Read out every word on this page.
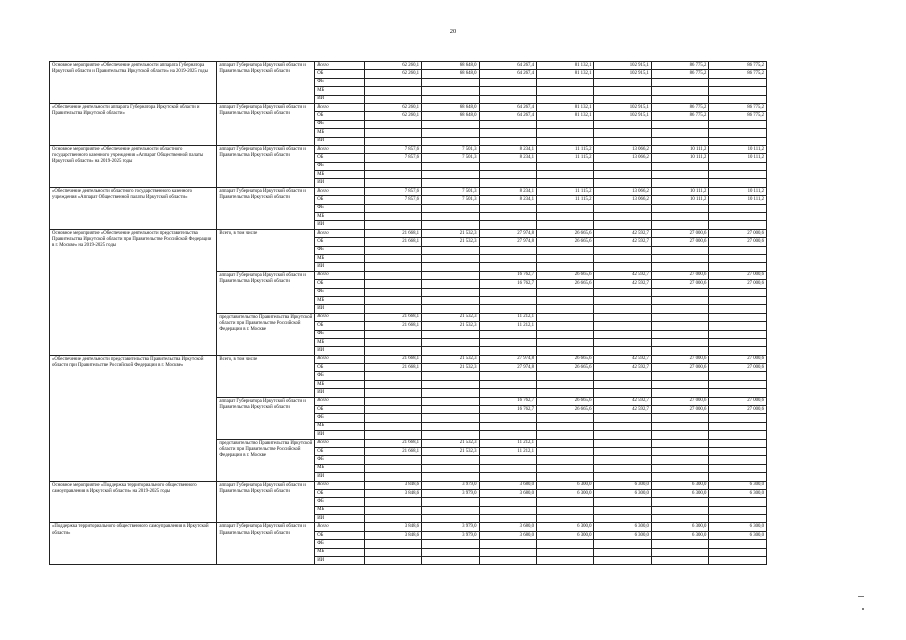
20
Основное мероприятие «Обеспечение деятельности аппарата Губернатора Иркутской области и Правительства Иркутской области» на 2019-2025 годы	аппарат Губернатора Иркутской области и Правительства Иркутской области	Всего	62 260,1	68 648,0	64 267,4	81 132,1	102 915,1	86 775,2	86 775,2
		ОБ	62 260,1	68 648,0	64 267,4	81 132,1	102 915,1	86 775,2	86 775,2
		ФБ							
		МБ							
		ИИ							
«Обеспечение деятельности аппарата Губернатора Иркутской области и Правительства Иркутской области»	аппарат Губернатора Иркутской области и Правительства Иркутской области	Всего	62 260,1	68 648,0	64 267,4	81 132,1	102 915,1	86 775,2	86 775,2
		ОБ	62 260,1	68 648,0	64 267,4	81 132,1	102 915,1	86 775,2	86 775,2
		ФБ							
		МБ							
		ИИ							
Основное мероприятие «Обеспечение деятельности областного государственного казенного учреждения «Аппарат Общественной палаты Иркутской области» на 2019-2025 годы	аппарат Губернатора Иркутской области и Правительства Иркутской области	Всего	7 857,6	7 501,3	8 234,1	11 115,2	13 066,2	10 111,2	10 111,2
		ОБ	7 857,6	7 501,3	8 234,1	11 115,2	13 066,2	10 111,2	10 111,2
		ФБ							
		МБ							
		ИИ							
«Обеспечение деятельности областного государственного казенного учреждения «Аппарат Общественной палаты Иркутской области»	аппарат Губернатора Иркутской области и Правительства Иркутской области	Всего	7 857,6	7 501,3	8 234,1	11 115,2	13 066,2	10 111,2	10 111,2
		ОБ	7 857,6	7 501,3	8 234,1	11 115,2	13 066,2	10 111,2	10 111,2
		ФБ							
		МБ							
		ИИ							
Основное мероприятие «Обеспечение деятельности представительства Правительства Иркутской области при Правительстве Российской Федерации в г. Москве» на 2019-2025 годы	Всего, в том числе	Всего	21 668,1	21 532,3	27 974,8	26 665,6	42 592,7	27 000,6	27 000,6
		ОБ	21 668,1	21 532,3	27 974,8	26 665,6	42 592,7	27 000,6	27 000,6
		ФБ							
		МБ							
		ИИ							
	аппарат Губернатора Иркутской области и Правительства Иркутской области	Всего			16 762,7	26 665,6	42 592,7	27 000,6	27 000,6
		ОБ			16 762,7	26 665,6	42 592,7	27 000,6	27 000,6
		ФБ							
		МБ							
		ИИ							
	представительство Правительства Иркутской области при Правительстве Российской Федерации в г. Москве	Всего	21 668,1	21 532,3	11 212,1				
		ОБ	21 668,1	21 532,3	11 212,1				
		ФБ							
		МБ							
		ИИ							
«Обеспечение деятельности представительства Правительства Иркутской области при Правительстве Российской Федерации в г. Москве»	Всего, в том числе	Всего	21 668,1	21 532,3	27 974,8	26 665,6	42 592,7	27 000,6	27 000,6
		ОБ	21 668,1	21 532,3	27 974,8	26 665,6	42 592,7	27 000,6	27 000,6
		ФБ							
		МБ							
		ИИ							
	аппарат Губернатора Иркутской области и Правительства Иркутской области	Всего			16 762,7	26 665,6	42 592,7	27 000,6	27 000,6
		ОБ			16 762,7	26 665,6	42 592,7	27 000,6	27 000,6
		ФБ							
		МБ							
		ИИ							
	представительство Правительства Иркутской области при Правительстве Российской Федерации в г. Москве	Всего	21 668,1	21 532,3	11 212,1				
		ОБ	21 668,1	21 532,3	11 212,1				
		ФБ							
		МБ							
		ИИ							
Основное мероприятие «Поддержка территориального общественного самоуправления в Иркутской области» на 2019-2025 годы	аппарат Губернатора Иркутской области и Правительства Иркутской области	Всего	3 848,6	3 979,0	3 680,0	6 300,0	6 300,0	6 300,0	6 300,0
		ОБ	3 848,6	3 979,0	3 680,0	6 300,0	6 300,0	6 300,0	6 300,0
		ФБ							
		МБ							
		ИИ							
«Поддержка территориального общественного самоуправления в Иркутской области»	аппарат Губернатора Иркутской области и Правительства Иркутской области	Всего	3 848,6	3 979,0	3 680,0	6 300,0	6 300,0	6 300,0	6 300,0
		ОБ	3 848,6	3 979,0	3 680,0	6 300,0	6 300,0	6 300,0	6 300,0
		ФБ							
		МБ							
		ИИ							
